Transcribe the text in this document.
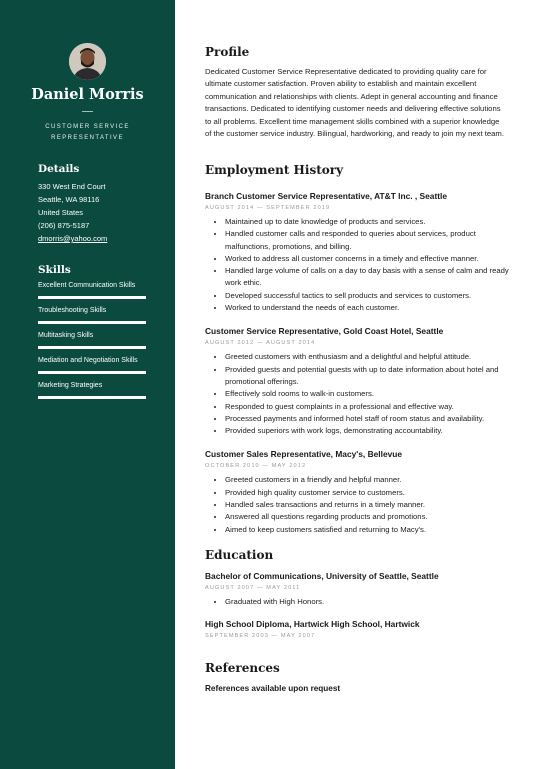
Daniel Morris
CUSTOMER SERVICE REPRESENTATIVE
Details
330 West End Court
Seattle, WA 98116
United States
(206) 875-5187
dmorris@yahoo.com
Skills
Excellent Communication Skills
Troubleshooting Skills
Multitasking Skills
Mediation and Negotiation Skills
Marketing Strategies
Profile

Dedicated Customer Service Representative dedicated to providing quality care for ultimate customer satisfaction. Proven ability to establish and maintain excellent communication and relationships with clients. Adept in general accounting and finance transactions. Dedicated to identifying customer needs and delivering effective solutions to all problems. Excellent time management skills combined with a superior knowledge of the customer service industry. Bilingual, hardworking, and ready to join my next team.

Employment History
Branch Customer Service Representative, AT&T Inc. , Seattle
AUGUST 2014 — SEPTEMBER 2019
• Maintained up to date knowledge of products and services.
• Handled customer calls and responded to queries about services, product malfunctions, promotions, and billing.
• Worked to address all customer concerns in a timely and effective manner.
• Handled large volume of calls on a day to day basis with a sense of calm and ready work ethic.
• Developed successful tactics to sell products and services to customers.
• Worked to understand the needs of each customer.
Customer Service Representative, Gold Coast Hotel, Seattle
AUGUST 2012 — AUGUST 2014
• Greeted customers with enthusiasm and a delightful and helpful attitude.
• Provided guests and potential guests with up to date information about hotel and promotional offerings.
• Effectively sold rooms to walk-in customers.
• Responded to guest complaints in a professional and effective way.
• Processed payments and informed hotel staff of room status and availability.
• Provided superiors with work logs, demonstrating accountability.
Customer Sales Representative, Macy's, Bellevue
OCTOBER 2010 — MAY 2012
• Greeted customers in a friendly and helpful manner.
• Provided high quality customer service to customers.
• Handled sales transactions and returns in a timely manner.
• Answered all questions regarding products and promotions.
• Aimed to keep customers satisfied and returning to Macy's.
Education
Bachelor of Communications, University of Seattle, Seattle
AUGUST 2007 — MAY 2011
• Graduated with High Honors.
High School Diploma, Hartwick High School, Hartwick
SEPTEMBER 2003 — MAY 2007
References
References available upon request
